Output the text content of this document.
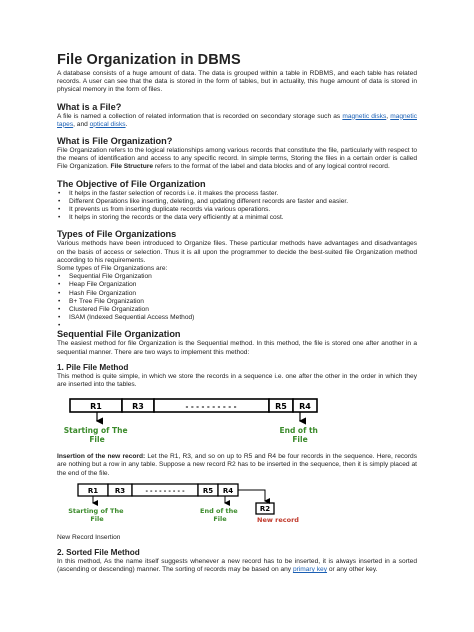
File Organization in DBMS

A database consists of a huge amount of data. The data is grouped within a table in RDBMS, and each table has related records. A user can see that the data is stored in the form of tables, but in actuality, this huge amount of data is stored in physical memory in the form of files.

What is a File?

A file is named a collection of related information that is recorded on secondary storage such as magnetic disks, magnetic tapes, and optical disks.

What is File Organization?

File Organization refers to the logical relationships among various records that constitute the file, particularly with respect to the means of identification and access to any specific record. In simple terms, Storing the files in a certain order is called File Organization. File Structure refers to the format of the label and data blocks and of any logical control record.

The Objective of File Organization
• It helps in the faster selection of records i.e. it makes the process faster.
• Different Operations like inserting, deleting, and updating different records are faster and easier.
• It prevents us from inserting duplicate records via various operations.
• It helps in storing the records or the data very efficiently at a minimal cost.
Types of File Organizations

Various methods have been introduced to Organize files. These particular methods have advantages and disadvantages on the basis of access or selection. Thus it is all upon the programmer to decide the best-suited file Organization method according to his requirements.

Some types of File Organizations are:

• Sequential File Organization
• Heap File Organization
• Hash File Organization
• B+ Tree File Organization
• Clustered File Organization
• ISAM (Indexed Sequential Access Method)
•
Sequential File Organization

The easiest method for file Organization is the Sequential method. In this method, the file is stored one after another in a sequential manner. There are two ways to implement this method:

1. Pile File Method

This method is quite simple, in which we store the records in a sequence i.e. one after the other in the order in which they are inserted into the tables.

R1	R3	- - - - - - - - - -	R5 R4
Starting of The File
End of th File

Insertion of the new record: Let the R1, R3, and so on up to R5 and R4 be four records in the sequence. Here, records are nothing but a row in any table. Suppose a new record R2 has to be inserted in the sequence, then it is simply placed at the end of the file.

R1 R3	- - - - - - - - -	R5 R4
R2
Starting of The File
End of the File	New record

New Record Insertion

2. Sorted File Method

In this method, As the name itself suggests whenever a new record has to be inserted, it is always inserted in a sorted (ascending or descending) manner. The sorting of records may be based on any primary key or any other key.
